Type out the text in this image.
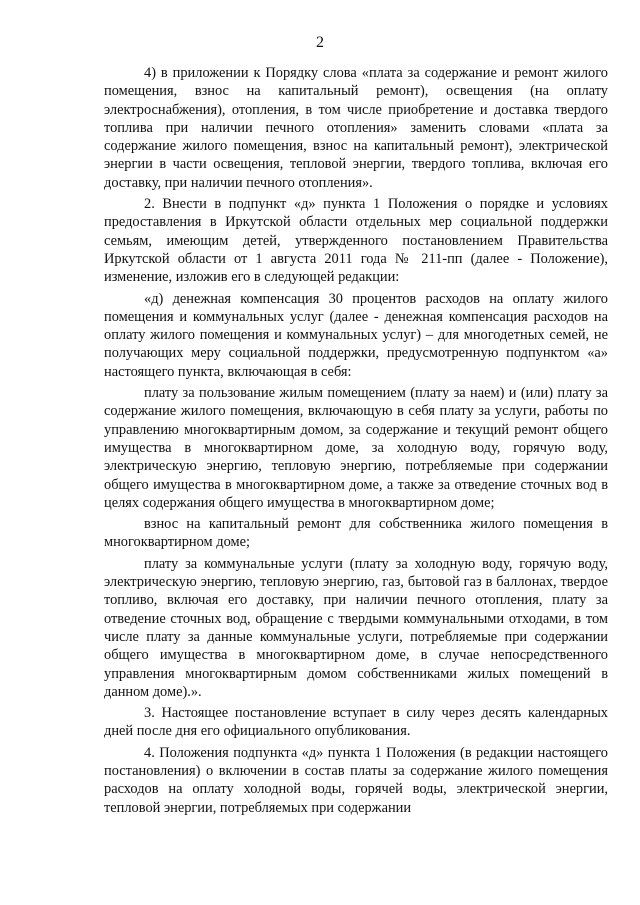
2

4) в приложении к Порядку слова «плата за содержание и ремонт жилого помещения, взнос на капитальный ремонт), освещения (на оплату электроснабжения), отопления, в том числе приобретение и доставка твердого топлива при наличии печного отопления» заменить словами «плата за содержание жилого помещения, взнос на капитальный ремонт), электрической энергии в части освещения, тепловой энергии, твердого топлива, включая его доставку, при наличии печного отопления».

2. Внести в подпункт «д» пункта 1 Положения о порядке и условиях предоставления в Иркутской области отдельных мер социальной поддержки семьям, имеющим детей, утвержденного постановлением Правительства Иркутской области от 1 августа 2011 года № 211-пп (далее - Положение), изменение, изложив его в следующей редакции:

«д) денежная компенсация 30 процентов расходов на оплату жилого помещения и коммунальных услуг (далее - денежная компенсация расходов на оплату жилого помещения и коммунальных услуг) – для многодетных семей, не получающих меру социальной поддержки, предусмотренную подпунктом «а» настоящего пункта, включающая в себя:

плату за пользование жилым помещением (плату за наем) и (или) плату за содержание жилого помещения, включающую в себя плату за услуги, работы по управлению многоквартирным домом, за содержание и текущий ремонт общего имущества в многоквартирном доме, за холодную воду, горячую воду, электрическую энергию, тепловую энергию, потребляемые при содержании общего имущества в многоквартирном доме, а также за отведение сточных вод в целях содержания общего имущества в многоквартирном доме;

взнос на капитальный ремонт для собственника жилого помещения в многоквартирном доме;

плату за коммунальные услуги (плату за холодную воду, горячую воду, электрическую энергию, тепловую энергию, газ, бытовой газ в баллонах, твердое топливо, включая его доставку, при наличии печного отопления, плату за отведение сточных вод, обращение с твердыми коммунальными отходами, в том числе плату за данные коммунальные услуги, потребляемые при содержании общего имущества в многоквартирном доме, в случае непосредственного управления многоквартирным домом собственниками жилых помещений в данном доме).».

3. Настоящее постановление вступает в силу через десять календарных дней после дня его официального опубликования.

4. Положения подпункта «д» пункта 1 Положения (в редакции настоящего постановления) о включении в состав платы за содержание жилого помещения расходов на оплату холодной воды, горячей воды, электрической энергии, тепловой энергии, потребляемых при содержании
